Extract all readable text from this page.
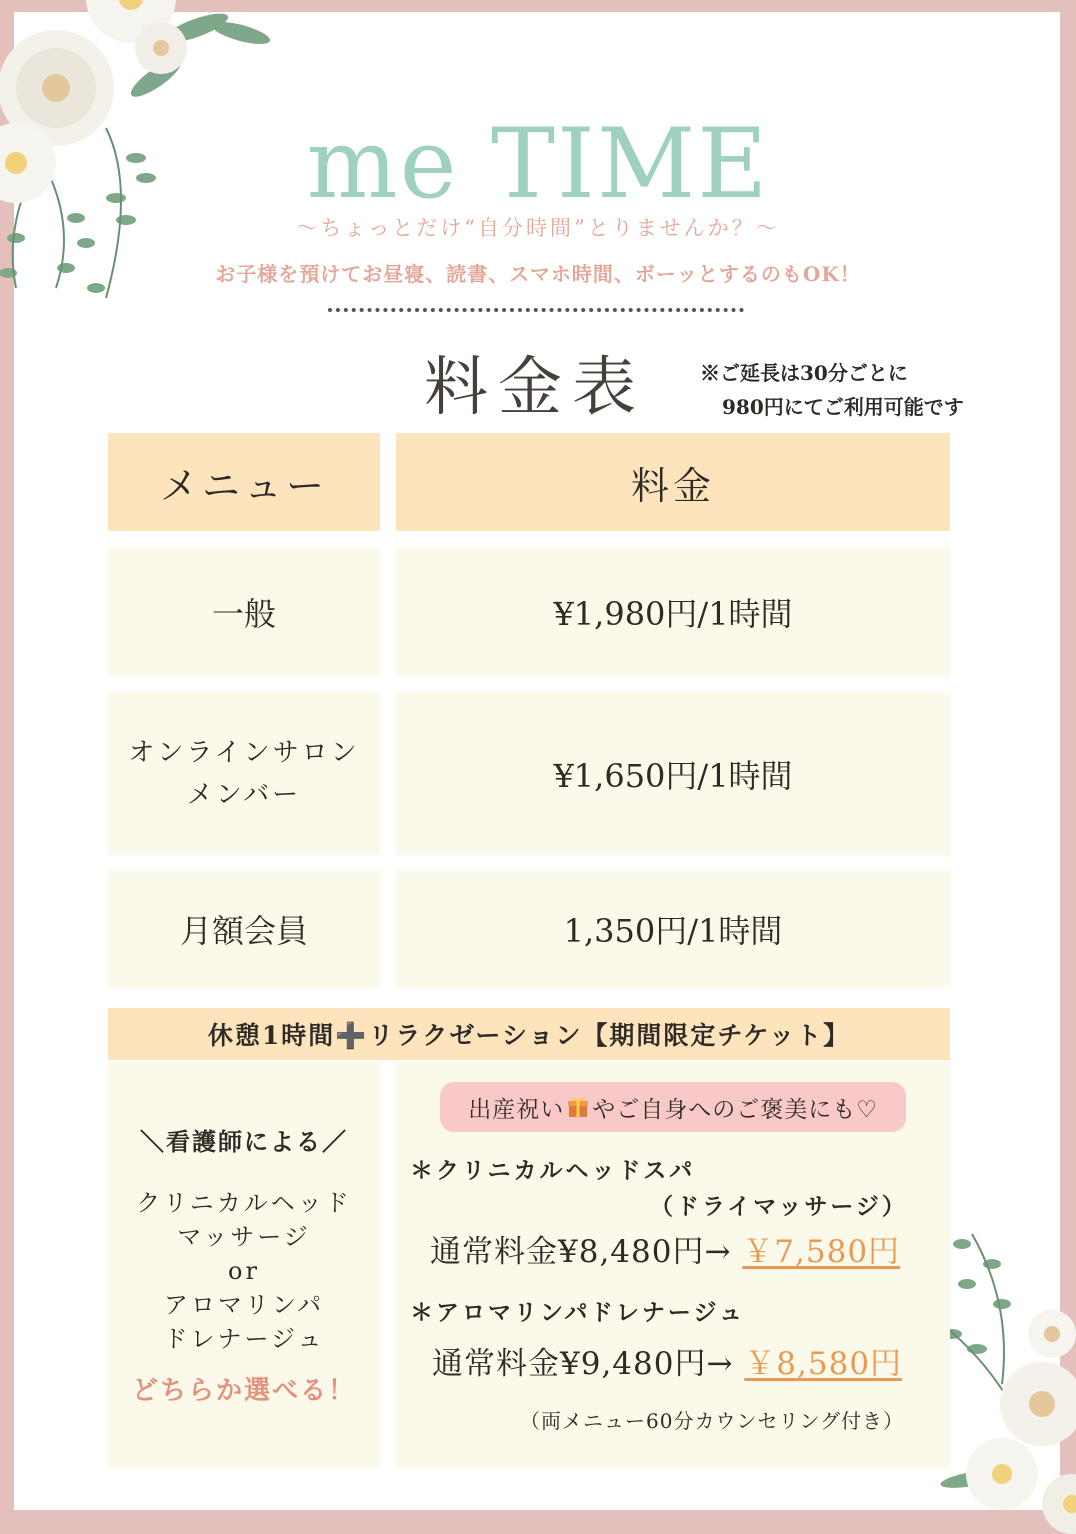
me TIME
〜ちょっとだけ“自分時間”とりませんか？〜
お子様を預けてお昼寝、読書、スマホ時間、ボーッとするのもOK！
料金表	※ご延長は30分ごとに
980円にてご利用可能です
メニュー	料金
一般	¥1,980円/1時間
オンラインサロン
メンバー	¥1,650円/1時間
月額会員	1,350円/1時間
休憩1時間➕リラクゼーション【期間限定チケット】
＼看護師による／
クリニカルヘッド
マッサージ
or
アロマリンパ
ドレナージュ
どちらか選べる！
出産祝い やご自身へのご褒美にも♡
＊クリニカルヘッドスパ
（ドライマッサージ）
通常料金¥8,480円→ ￥7,580円
＊アロマリンパドレナージュ
通常料金¥9,480円→ ￥8,580円
（両メニュー60分カウンセリング付き）
